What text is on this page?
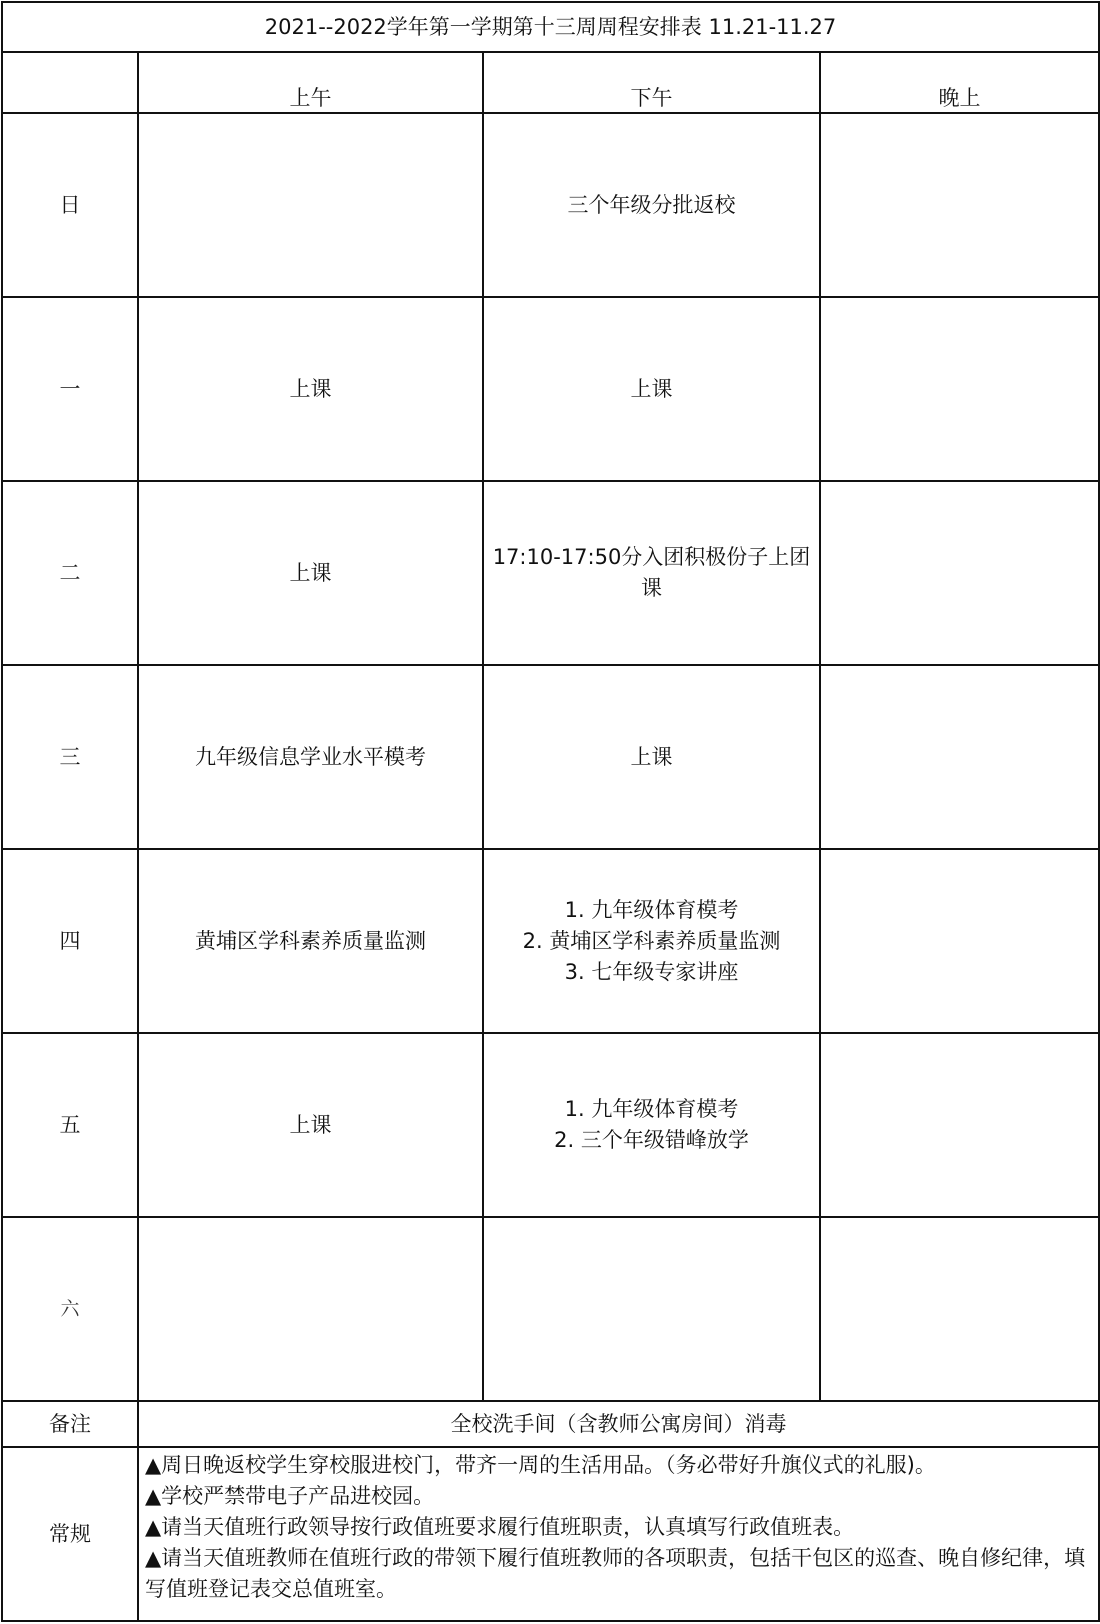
2021--2022学年第一学期第十三周周程安排表 11.21-11.27			
	上午	下午	晚上
日		三个年级分批返校	

一	上课	上课	

二	上课	17:10-17:50分入团积极份子上团课	

三	九年级信息学业水平模考	上课	

四	黄埔区学科素养质量监测	1. 九年级体育模考
2. 黄埔区学科素养质量监测
3. 七年级专家讲座	

五	上课	1. 九年级体育模考
2. 三个年级错峰放学	

六			
备注	全校洗手间（含教师公寓房间）消毒		
常规	▲周日晚返校学生穿校服进校门，带齐一周的生活用品。（务必带好升旗仪式的礼服)。
▲学校严禁带电子产品进校园。
▲请当天值班行政领导按行政值班要求履行值班职责，认真填写行政值班表。
▲请当天值班教师在值班行政的带领下履行值班教师的各项职责，包括干包区的巡查、晚自修纪律，填写值班登记表交总值班室。		
